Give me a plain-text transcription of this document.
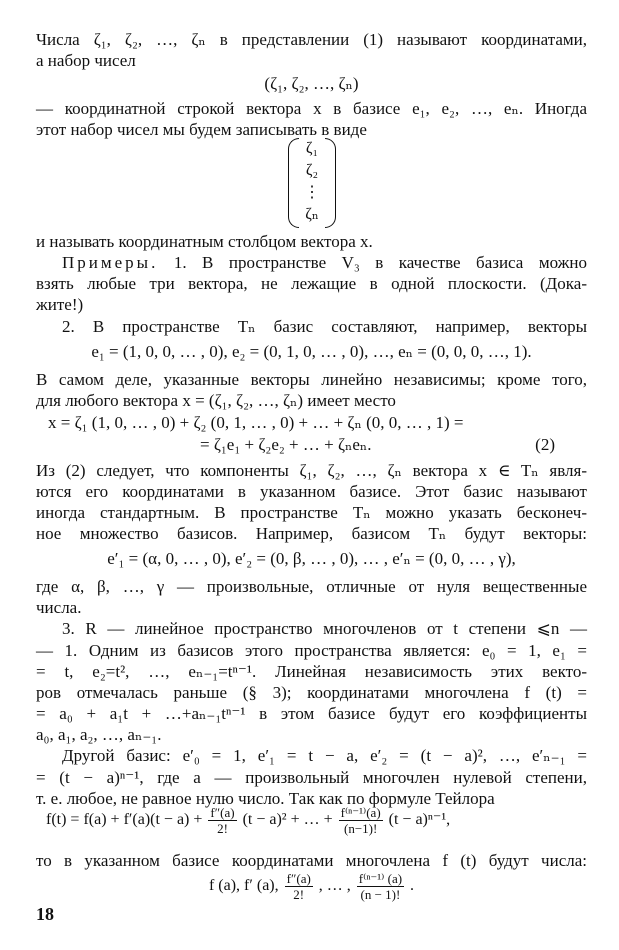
Числа ζ₁, ζ₂, …, ζₙ в представлении (1) называют координатами,
а набор чисел
(ζ₁, ζ₂, …, ζₙ)
— координатной строкой вектора x в базисе e₁, e₂, …, eₙ. Иногда
этот набор чисел мы будем записывать в виде
ζ₁
ζ₂
⋮
ζₙ
и называть координатным столбцом вектора x.
Примеры. 1. В пространстве V₃ в качестве базиса можно
взять любые три вектора, не лежащие в одной плоскости. (Дока-
жите!)
2. В пространстве Tₙ базис составляют, например, векторы
e₁ = (1, 0, 0, … , 0), e₂ = (0, 1, 0, … , 0), …, eₙ = (0, 0, 0, …, 1).
В самом деле, указанные векторы линейно независимы; кроме того,
для любого вектора x = (ζ₁, ζ₂, …, ζₙ) имеет место
x = ζ₁ (1, 0, … , 0) + ζ₂ (0, 1, … , 0) + … + ζₙ (0, 0, … , 1) =
= ζ₁e₁ + ζ₂e₂ + … + ζₙeₙ.	(2)
Из (2) следует, что компоненты ζ₁, ζ₂, …, ζₙ вектора x ∈ Tₙ явля-
ются его координатами в указанном базисе. Этот базис называют
иногда стандартным. В пространстве Tₙ можно указать бесконеч-
ное множество базисов. Например, базисом Tₙ будут векторы:
e′₁ = (α, 0, … , 0), e′₂ = (0, β, … , 0), … , e′ₙ = (0, 0, … , γ),
где α, β, …, γ — произвольные, отличные от нуля вещественные
числа.
3. R — линейное пространство многочленов от t степени ⩽n —
— 1. Одним из базисов этого пространства является: e₀ = 1, e₁ =
= t, e₂=t², …, eₙ₋₁=tⁿ⁻¹. Линейная независимость этих векто-
ров отмечалась раньше (§ 3); координатами многочлена f (t) =
= a₀ + a₁t + …+aₙ₋₁tⁿ⁻¹ в этом базисе будут его коэффициенты
a₀, a₁, a₂, …, aₙ₋₁.
Другой базис: e′₀ = 1, e′₁ = t − a, e′₂ = (t − a)², …, e′ₙ₋₁ =
= (t − a)ⁿ⁻¹, где a — произвольный многочлен нулевой степени,
т. е. любое, не равное нулю число. Так как по формуле Тейлора
$f(t) = f(a) + f'(a)(t - a) + \frac{f''(a)}{2!} (t - a)^2$ + … + $\frac{\text{f⁽ⁿ⁻¹⁾(a)}}{(n-1)!} (t - a)^{n-1}$,
то в указанном базисе координатами многочлена f (t) будут числа:
f (a), f′ (a), $\frac{f''(a)}{2!}$ , … , $\frac{\text{f⁽ⁿ⁻¹⁾ (a)}}{(n - 1)!}$ .
18
